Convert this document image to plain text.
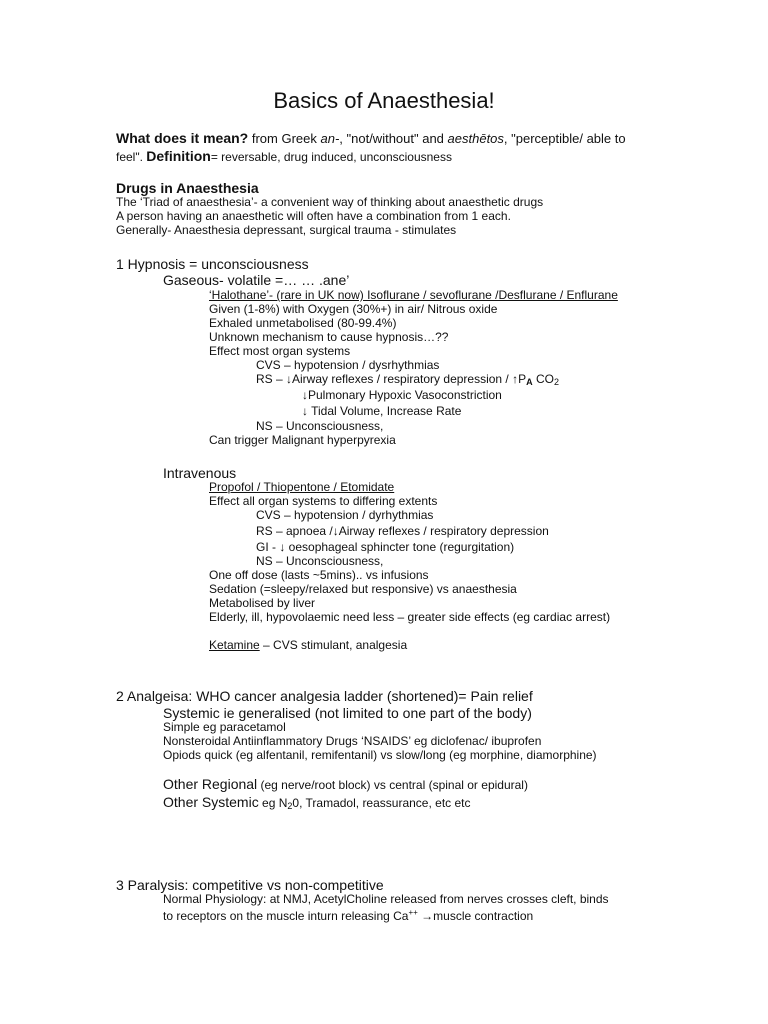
Basics of Anaesthesia!
What does it mean? from Greek an-, "not/without" and aesthētos, "perceptible/ able to
feel". Definition= reversable, drug induced, unconsciousness
Drugs in Anaesthesia
The ‘Triad of anaesthesia’- a convenient way of thinking about anaesthetic drugs
A person having an anaesthetic will often have a combination from 1 each.
Generally- Anaesthesia depressant, surgical trauma - stimulates
1 Hypnosis = unconsciousness
Gaseous- volatile =… … .ane’
‘Halothane’- (rare in UK now) Isoflurane / sevoflurane /Desflurane / Enflurane
Given (1-8%) with Oxygen (30%+) in air/ Nitrous oxide
Exhaled unmetabolised (80-99.4%)
Unknown mechanism to cause hypnosis…??
Effect most organ systems
CVS – hypotension / dysrhythmias
RS – ↓Airway reflexes / respiratory depression / $↑P_A$ $CO_2$
↓Pulmonary Hypoxic Vasoconstriction
↓ Tidal Volume, Increase Rate
NS – Unconsciousness,
Can trigger Malignant hyperpyrexia
Intravenous
Propofol / Thiopentone / Etomidate
Effect all organ systems to differing extents
CVS – hypotension / dyrhythmias
RS – apnoea /↓Airway reflexes / respiratory depression
GI - ↓ oesophageal sphincter tone (regurgitation)
NS – Unconsciousness,
One off dose (lasts ~5mins).. vs infusions
Sedation (=sleepy/relaxed but responsive) vs anaesthesia
Metabolised by liver
Elderly, ill, hypovolaemic need less – greater side effects (eg cardiac arrest)
Ketamine – CVS stimulant, analgesia
2 Analgeisa: WHO cancer analgesia ladder (shortened)= Pain relief
Systemic ie generalised (not limited to one part of the body)
Simple eg paracetamol
Nonsteroidal Antiinflammatory Drugs ‘NSAIDS’ eg diclofenac/ ibuprofen
Opiods quick (eg alfentanil, remifentanil) vs slow/long (eg morphine, diamorphine)
Other Regional (eg nerve/root block) vs central (spinal or epidural)
Other Systemic eg $N_20$, Tramadol, reassurance, etc etc
3 Paralysis: competitive vs non-competitive
Normal Physiology: at NMJ, AcetylCholine released from nerves crosses cleft, binds
to receptors on the muscle inturn releasing Ca++ →muscle contraction
